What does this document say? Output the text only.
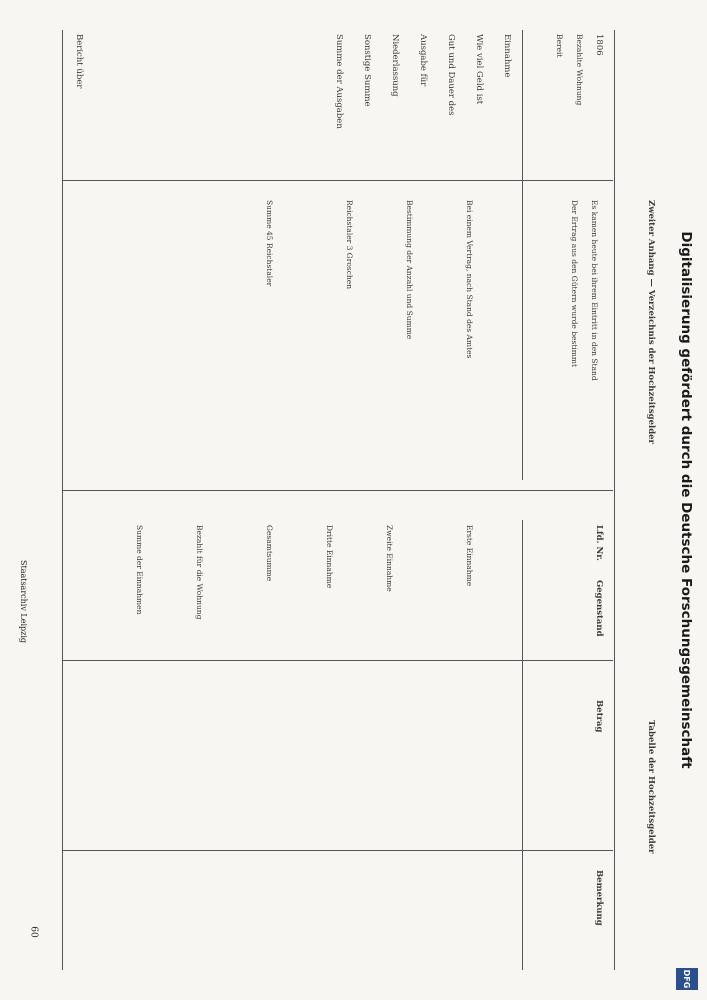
Zweiter Anhang — Verzeichnis der Hochzeitsgelder
Tabelle der Hochzeitsgelder
1806
Bezahlte Wohnung
Bereit
Einnahme
Wie viel Geld ist
Gut und Dauer des
Ausgabe für
Niederlassung
Sonstige Summe
Summe der Ausgaben
Bericht über
Es kamen heute bei ihrem Eintritt in den Stand
Der Ertrag aus den Gütern wurde bestimmt
Bei einem Vertrag, nach Stand des Amtes
Bestimmung der Anzahl und Summe
Reichstaler 3 Groschen
Summe 45 Reichstaler
Lfd. Nr.
Gegenstand
Betrag
Bemerkung
Erste Einnahme
Zweite Einnahme
Dritte Einnahme
Gesamtsumme
Bezahlt für die Wohnung
Summe der Einnahmen	Digitalisierung gefördert durch die Deutsche Forschungsgemeinschaft
DFG
60
Staatsarchiv Leipzig
